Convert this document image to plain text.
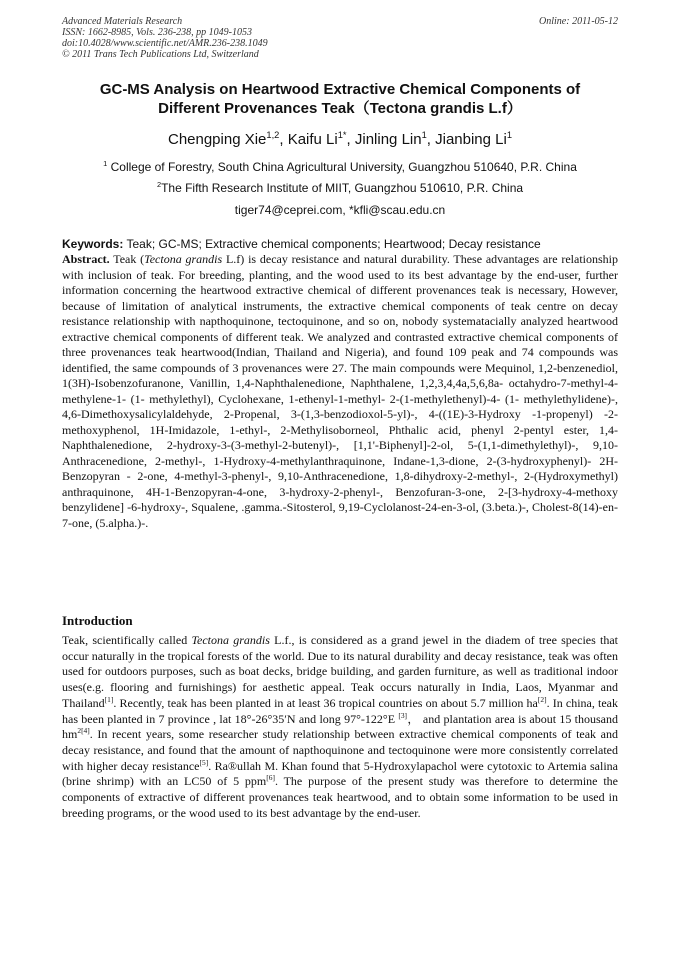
Advanced Materials Research
ISSN: 1662-8985, Vols. 236-238, pp 1049-1053
doi:10.4028/www.scientific.net/AMR.236-238.1049
© 2011 Trans Tech Publications Ltd, Switzerland
Online: 2011-05-12
GC-MS Analysis on Heartwood Extractive Chemical Components of
Different Provenances Teak（Tectona grandis L.f）
Chengping Xie$^{1,2}$, Kaifu $Li^{1*}$, Jinling Lin$^1$, Jianbing Li$^1$
$^1$ College of Forestry, South China Agricultural University, Guangzhou 510640, P.R. China
$^2$The Fifth Research Institute of MIIT, Guangzhou 510610, P.R. China
tiger74@ceprei.com, *kfli@scau.edu.cn
Keywords: Teak; GC-MS; Extractive chemical components; Heartwood; Decay resistance
Abstract. Teak (Tectona grandis L.f) is decay resistance and natural durability. These advantages are relationship with inclusion of teak. For breeding, planting, and the wood used to its best advantage by the end-user, further information concerning the heartwood extractive chemical of different provenances teak is necessary, However, because of limitation of analytical instruments, the extractive chemical components of teak centre on decay resistance relationship with napthoquinone, tectoquinone, and so on, nobody systematacially analyzed heartwood extractive chemical components of different teak. We analyzed and contrasted extractive chemical components of three provenances teak heartwood(Indian, Thailand and Nigeria), and found 109 peak and 74 compounds was identified, the same compounds of 3 provenances were 27. The main compounds were Mequinol, 1,2-benzenediol, 1(3H)-Isobenzofuranone, Vanillin, 1,4-Naphthalenedione, Naphthalene, 1,2,3,4,4a,5,6,8a- octahydro-7-methyl-4-methylene-1- (1- methylethyl), Cyclohexane, 1-ethenyl-1-methyl- 2-(1-methylethenyl)-4- (1- methylethylidene)-, 4,6-Dimethoxysalicylaldehyde, 2-Propenal, 3-(1,3-benzodioxol-5-yl)-, 4-((1E)-3-Hydroxy -1-propenyl) -2-methoxyphenol, 1H-Imidazole, 1-ethyl-, 2-Methylisoborneol, Phthalic acid, phenyl 2-pentyl ester, 1,4-Naphthalenedione, 2-hydroxy-3-(3-methyl-2-butenyl)-, [1,1'-Biphenyl]-2-ol, 5-(1,1-dimethylethyl)-, 9,10- Anthracenedione, 2-methyl-, 1-Hydroxy-4-methylanthraquinone, Indane-1,3-dione, 2-(3-hydroxyphenyl)- 2H-Benzopyran - 2-one, 4-methyl-3-phenyl-, 9,10-Anthracenedione, 1,8-dihydroxy-2-methyl-, 2-(Hydroxymethyl) anthraquinone, 4H-1-Benzopyran-4-one, 3-hydroxy-2-phenyl-, Benzofuran-3-one, 2-[3-hydroxy-4-methoxy benzylidene] -6-hydroxy-, Squalene, .gamma.-Sitosterol, 9,19-Cyclolanost-24-en-3-ol, (3.beta.)-, Cholest-8(14)-en-7-one, (5.alpha.)-.
Introduction
Teak, scientifically called Tectona grandis L.f., is considered as a grand jewel in the diadem of tree species that occur naturally in the tropical forests of the world. Due to its natural durability and decay resistance, teak was often used for outdoors purposes, such as boat decks, bridge building, and garden furniture, as well as traditional indoor uses(e.g. flooring and furnishings) for aesthetic appeal. Teak occurs naturally in India, Laos, Myanmar and Thailand[1]. Recently, teak has been planted in at least 36 tropical countries on about 5.7 million ha[2]. In china, teak has been planted in 7 province , lat 18°-26°35′N and long 97°-122°E [3]， and plantation area is about 15 thousand $hm^{2[4]}$. In recent years, some researcher study relationship between extractive chemical components of teak and decay resistance, and found that the amount of napthoquinone and tectoquinone were more consistently correlated with higher decay resistance[5]. Ra®ullah M. Khan found that 5-Hydroxylapachol were cytotoxic to Artemia salina (brine shrimp) with an LC50 of 5 ppm[6]. The purpose of the present study was therefore to determine the components of extractive of different provenances teak heartwood, and to obtain some information to be used in breeding programs, or the wood used to its best advantage by the end-user.
